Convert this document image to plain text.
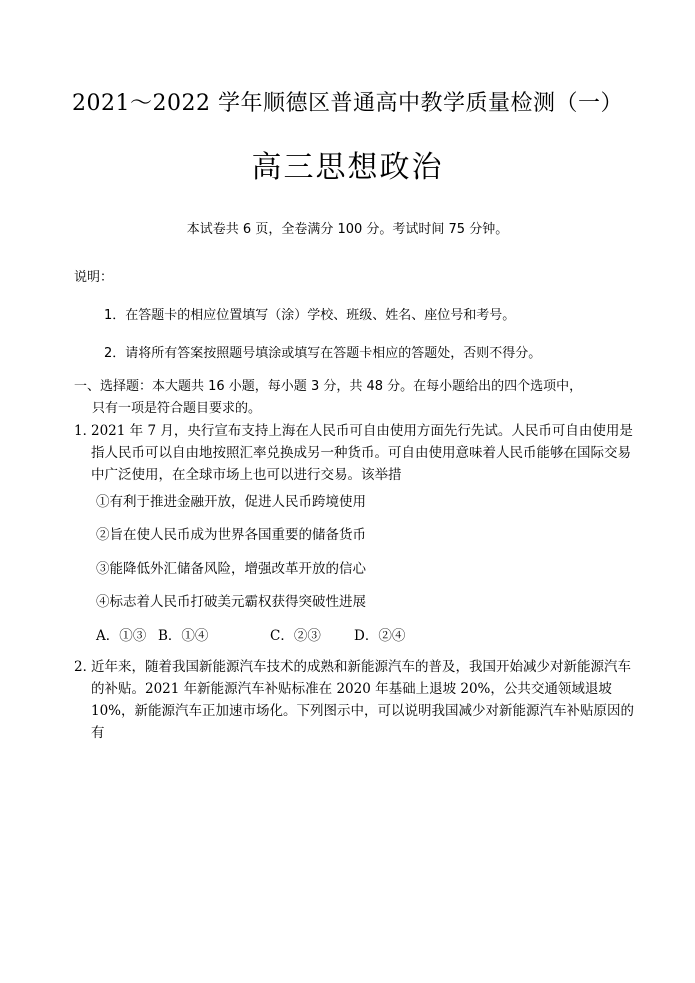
2021～2022 学年顺德区普通高中教学质量检测（一）
高三思想政治
本试卷共 6 页，全卷满分 100 分。考试时间 75 分钟。
说明：
1．在答题卡的相应位置填写（涂）学校、班级、姓名、座位号和考号。
2．请将所有答案按照题号填涂或填写在答题卡相应的答题处，否则不得分。
一、选择题：本大题共 16 小题，每小题 3 分，共 48 分。在每小题给出的四个选项中，
只有一项是符合题目要求的。
1．
2021 年 7 月，央行宣布支持上海在人民币可自由使用方面先行先试。人民币可自由使用是指人民币可以自由地按照汇率兑换成另一种货币。可自由使用意味着人民币能够在国际交易中广泛使用，在全球市场上也可以进行交易。该举措
①有利于推进金融开放，促进人民币跨境使用
②旨在使人民币成为世界各国重要的储备货币
③能降低外汇储备风险，增强改革开放的信心
④标志着人民币打破美元霸权获得突破性进展
A．①③ B．①④	C．②③ D．②④
2．
近年来，随着我国新能源汽车技术的成熟和新能源汽车的普及，我国开始减少对新能源汽车的补贴。2021 年新能源汽车补贴标准在 2020 年基础上退坡 20%，公共交通领域退坡 10%，新能源汽车正加速市场化。下列图示中，可以说明我国减少对新能源汽车补贴原因的有
